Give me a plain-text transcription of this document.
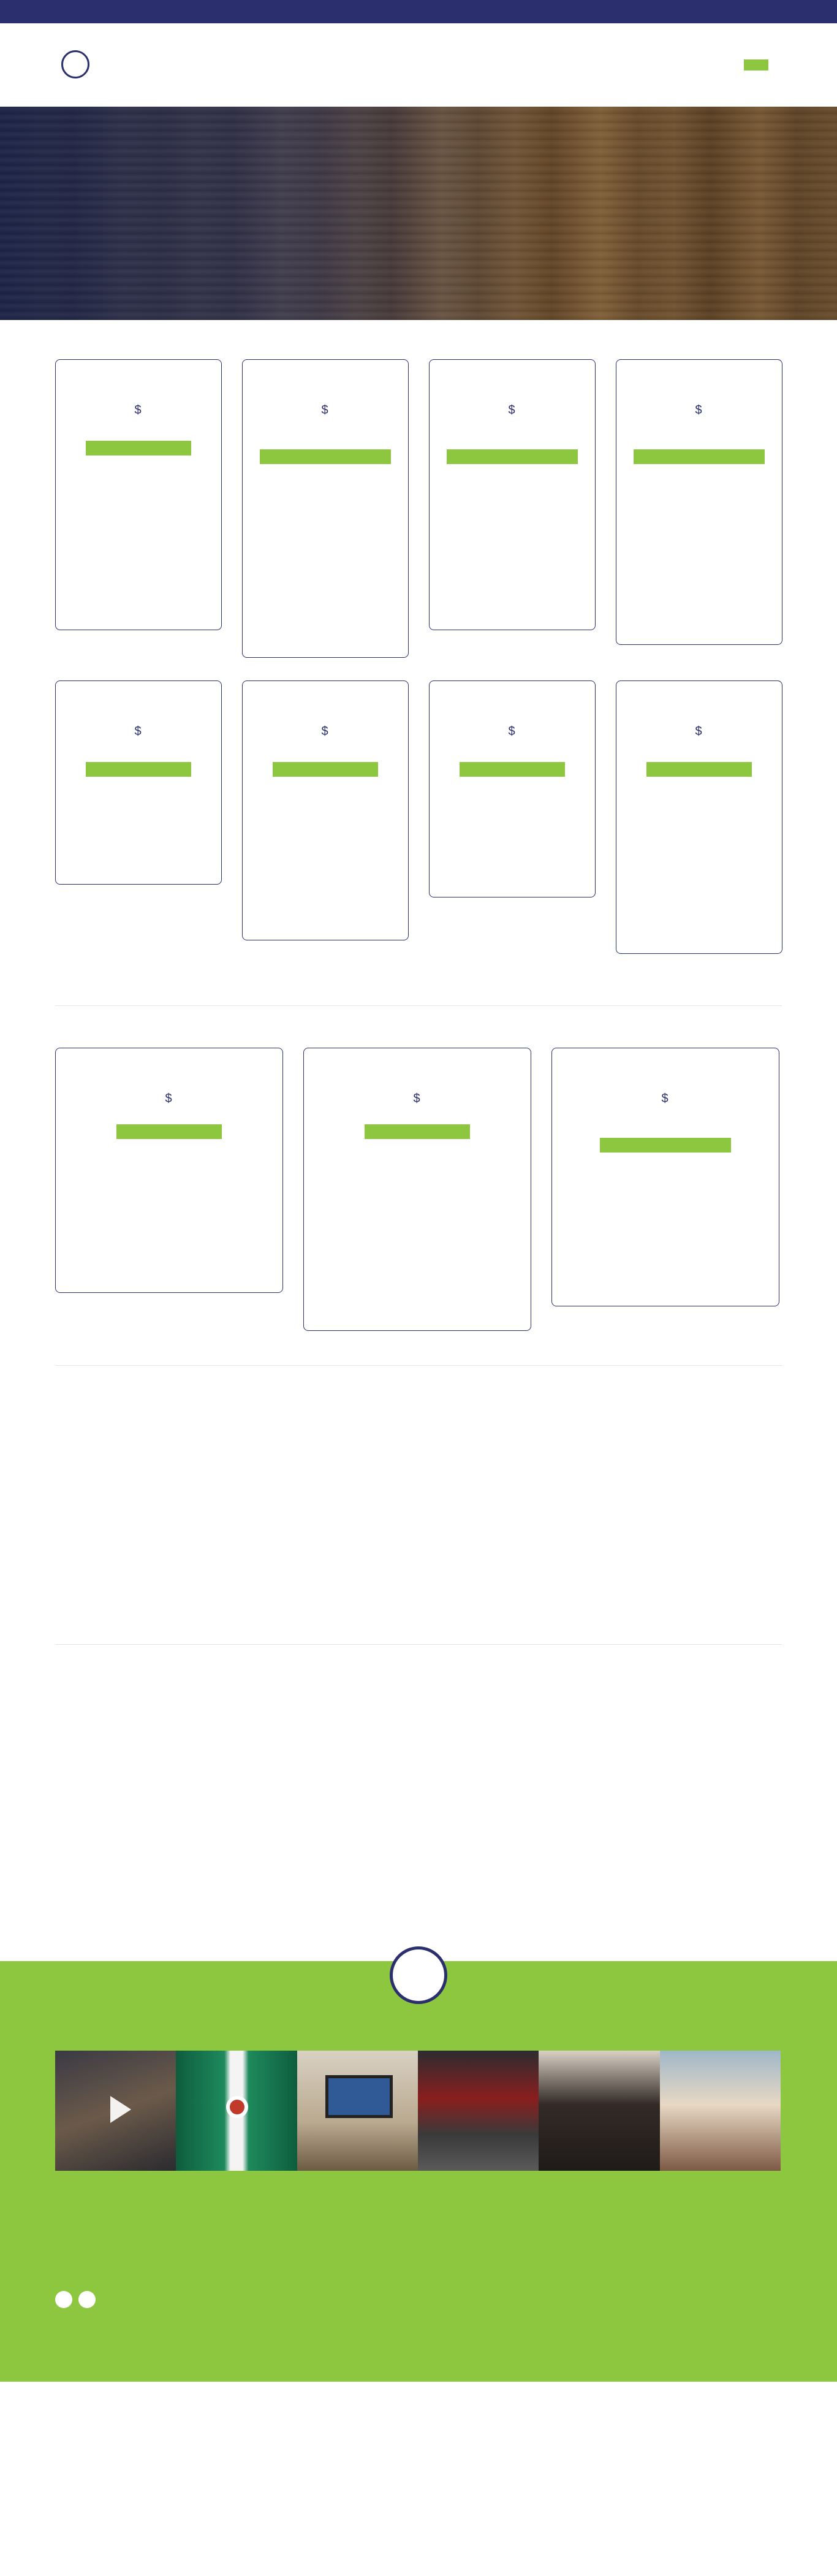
$	$	$	$
$	$	$	$
$	$	$
